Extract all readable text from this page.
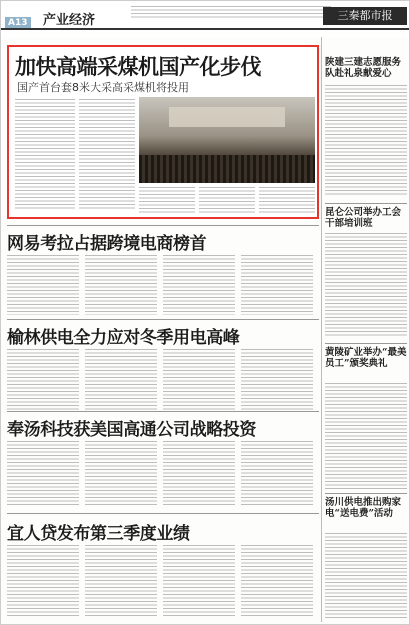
A13 产业经济	三秦都市报
加快高端采煤机国产化步伐
国产首台套8米大采高采煤机将投用
网易考拉占据跨境电商榜首
榆林供电全力应对冬季用电高峰
奉汤科技获美国高通公司战略投资
宜人贷发布第三季度业绩
陕建三建志愿服务队赴礼泉献爱心
昆仑公司举办工会干部培训班
黄陵矿业举办“最美员工”颁奖典礼
汤川供电推出购家电“送电费”活动
